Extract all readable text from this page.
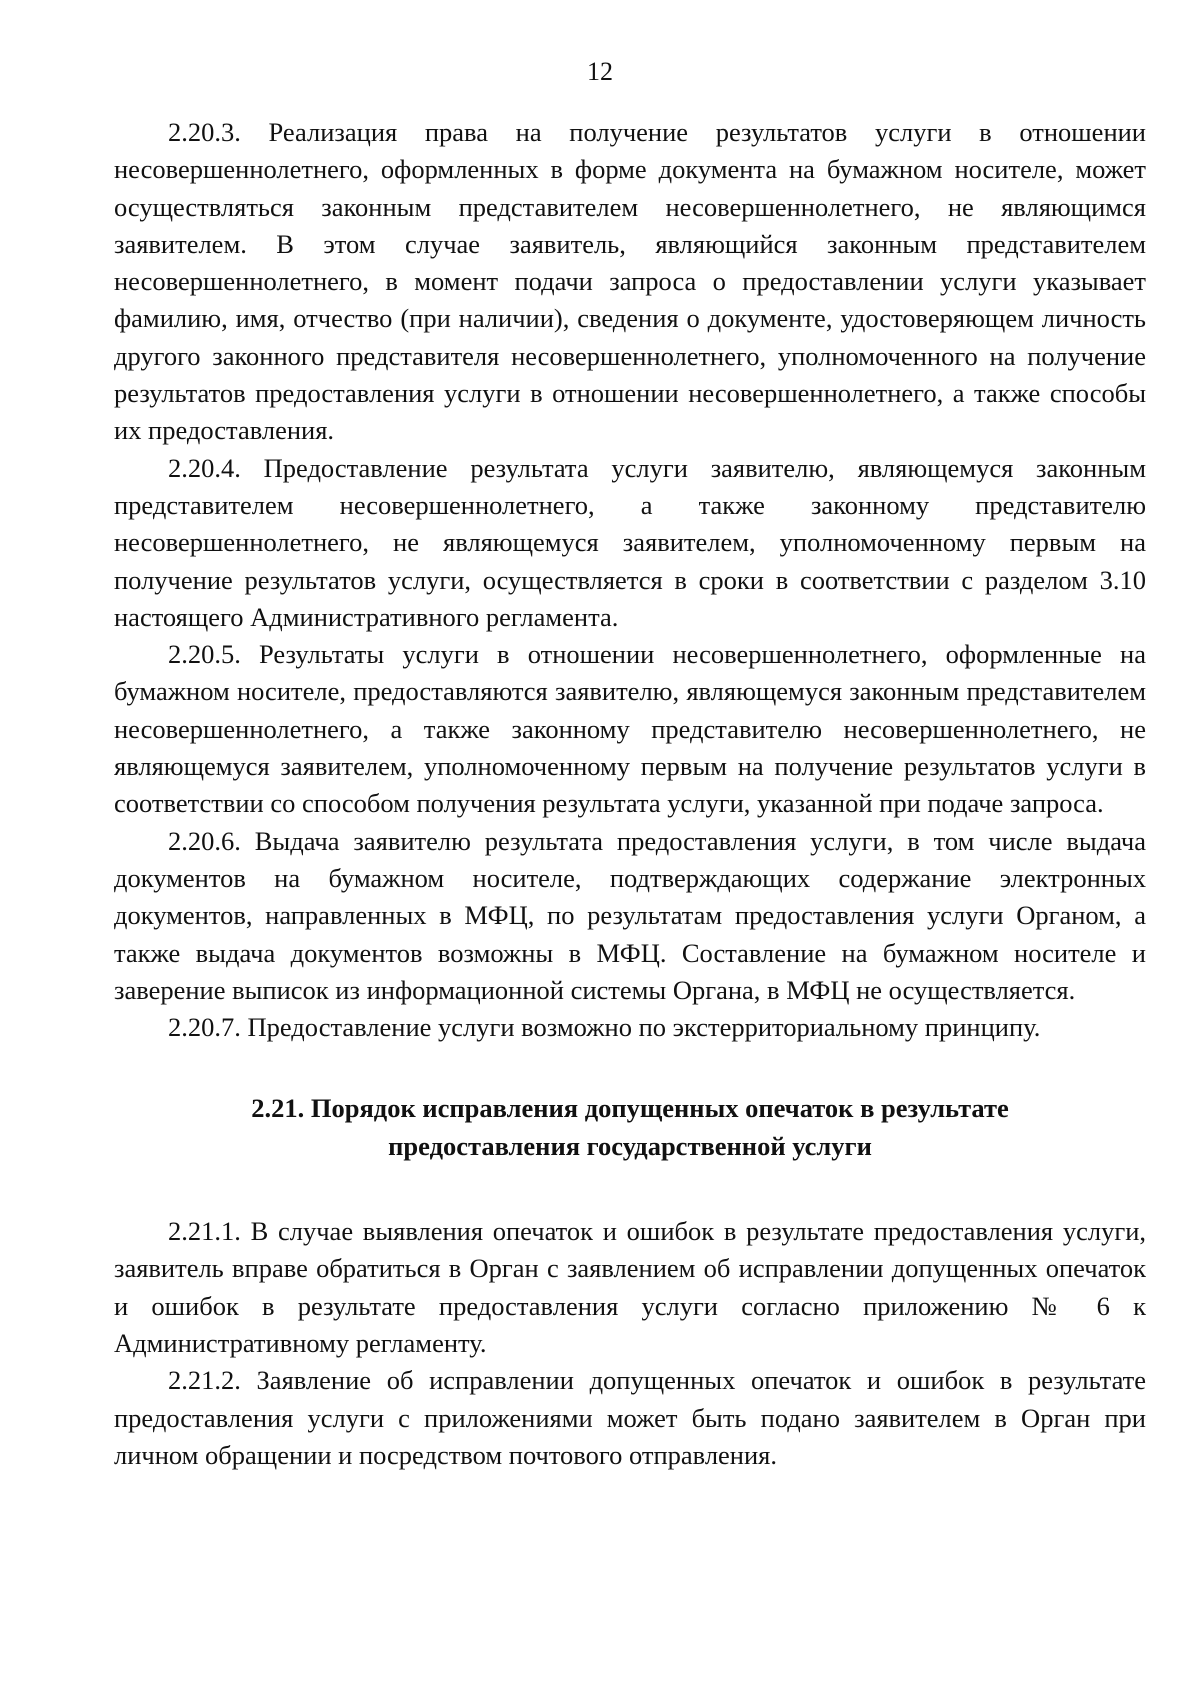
12

2.20.3. Реализация права на получение результатов услуги в отношении несовершеннолетнего, оформленных в форме документа на бумажном носителе, может осуществляться законным представителем несовершеннолетнего, не являющимся заявителем. В этом случае заявитель, являющийся законным представителем несовершеннолетнего, в момент подачи запроса о предоставлении услуги указывает фамилию, имя, отчество (при наличии), сведения о документе, удостоверяющем личность другого законного представителя несовершеннолетнего, уполномоченного на получение результатов предоставления услуги в отношении несовершеннолетнего, а также способы их предоставления.

2.20.4. Предоставление результата услуги заявителю, являющемуся законным представителем несовершеннолетнего, а также законному представителю несовершеннолетнего, не являющемуся заявителем, уполномоченному первым на получение результатов услуги, осуществляется в сроки в соответствии с разделом 3.10 настоящего Административного регламента.

2.20.5. Результаты услуги в отношении несовершеннолетнего, оформленные на бумажном носителе, предоставляются заявителю, являющемуся законным представителем несовершеннолетнего, а также законному представителю несовершеннолетнего, не являющемуся заявителем, уполномоченному первым на получение результатов услуги в соответствии со способом получения результата услуги, указанной при подаче запроса.

2.20.6. Выдача заявителю результата предоставления услуги, в том числе выдача документов на бумажном носителе, подтверждающих содержание электронных документов, направленных в МФЦ, по результатам предоставления услуги Органом, а также выдача документов возможны в МФЦ. Составление на бумажном носителе и заверение выписок из информационной системы Органа, в МФЦ не осуществляется.

2.20.7. Предоставление услуги возможно по экстерриториальному принципу.

2.21. Порядок исправления допущенных опечаток в результате
предоставления государственной услуги

2.21.1. В случае выявления опечаток и ошибок в результате предоставления услуги, заявитель вправе обратиться в Орган с заявлением об исправлении допущенных опечаток и ошибок в результате предоставления услуги согласно приложению № 6 к Административному регламенту.

2.21.2. Заявление об исправлении допущенных опечаток и ошибок в результате предоставления услуги с приложениями может быть подано заявителем в Орган при личном обращении и посредством почтового отправления.
